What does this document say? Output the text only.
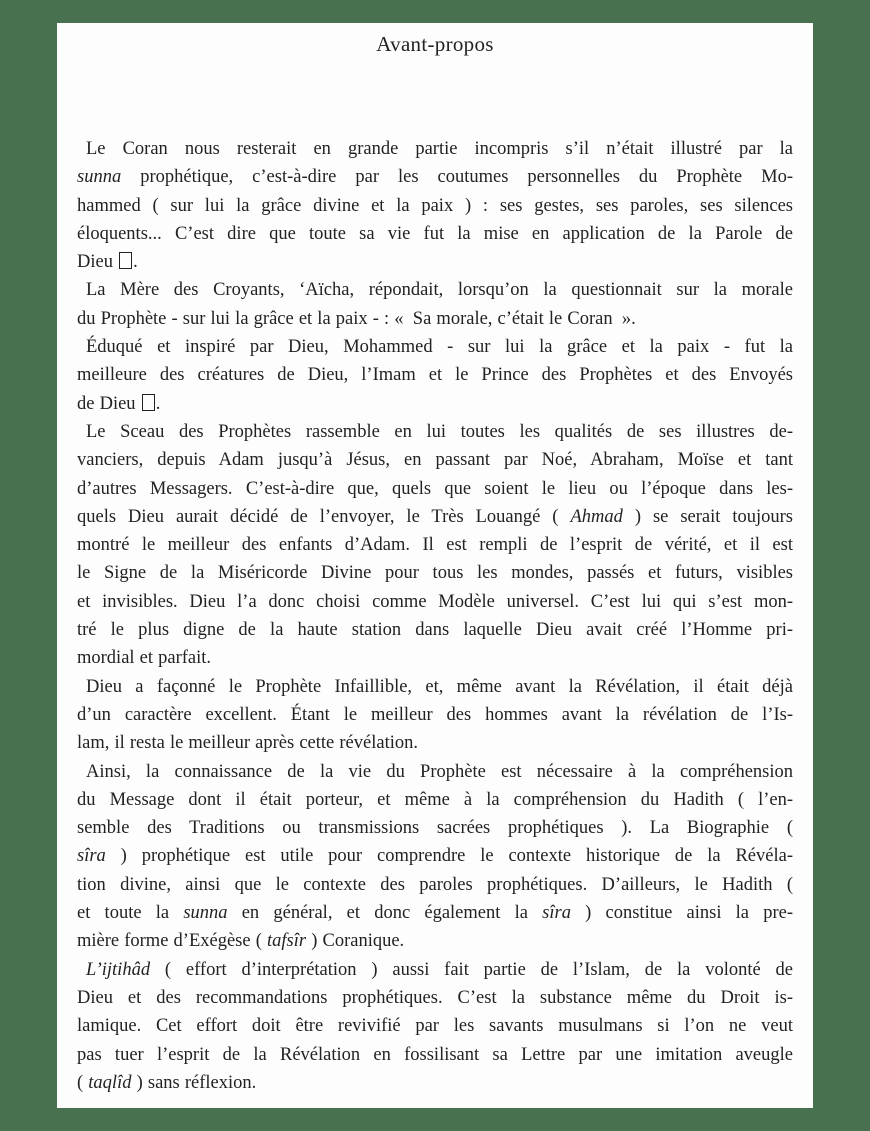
Avant-propos
Le Coran nous resterait en grande partie incompris s’il n’était illustré par la
sunna prophétique, c’est-à-dire par les coutumes personnelles du Prophète Mo-
hammed ( sur lui la grâce divine et la paix ) : ses gestes, ses paroles, ses silences
éloquents... C’est dire que toute sa vie fut la mise en application de la Parole de
Dieu .
La Mère des Croyants, ‘Aïcha, répondait, lorsqu’on la questionnait sur la morale
du Prophète - sur lui la grâce et la paix - : « Sa morale, c’était le Coran ».
Éduqué et inspiré par Dieu, Mohammed - sur lui la grâce et la paix - fut la
meilleure des créatures de Dieu, l’Imam et le Prince des Prophètes et des Envoyés
de Dieu .
Le Sceau des Prophètes rassemble en lui toutes les qualités de ses illustres de-
vanciers, depuis Adam jusqu’à Jésus, en passant par Noé, Abraham, Moïse et tant
d’autres Messagers. C’est-à-dire que, quels que soient le lieu ou l’époque dans les-
quels Dieu aurait décidé de l’envoyer, le Très Louangé ( Ahmad ) se serait toujours
montré le meilleur des enfants d’Adam. Il est rempli de l’esprit de vérité, et il est
le Signe de la Miséricorde Divine pour tous les mondes, passés et futurs, visibles
et invisibles. Dieu l’a donc choisi comme Modèle universel. C’est lui qui s’est mon-
tré le plus digne de la haute station dans laquelle Dieu avait créé l’Homme pri-
mordial et parfait.
Dieu a façonné le Prophète Infaillible, et, même avant la Révélation, il était déjà
d’un caractère excellent. Étant le meilleur des hommes avant la révélation de l’Is-
lam, il resta le meilleur après cette révélation.
Ainsi, la connaissance de la vie du Prophète est nécessaire à la compréhension
du Message dont il était porteur, et même à la compréhension du Hadith ( l’en-
semble des Traditions ou transmissions sacrées prophétiques ). La Biographie (
sîra ) prophétique est utile pour comprendre le contexte historique de la Révéla-
tion divine, ainsi que le contexte des paroles prophétiques. D’ailleurs, le Hadith (
et toute la sunna en général, et donc également la sîra ) constitue ainsi la pre-
mière forme d’Exégèse ( tafsîr ) Coranique.
L’ijtihâd ( effort d’interprétation ) aussi fait partie de l’Islam, de la volonté de
Dieu et des recommandations prophétiques. C’est la substance même du Droit is-
lamique. Cet effort doit être revivifié par les savants musulmans si l’on ne veut
pas tuer l’esprit de la Révélation en fossilisant sa Lettre par une imitation aveugle
( taqlîd ) sans réflexion.
